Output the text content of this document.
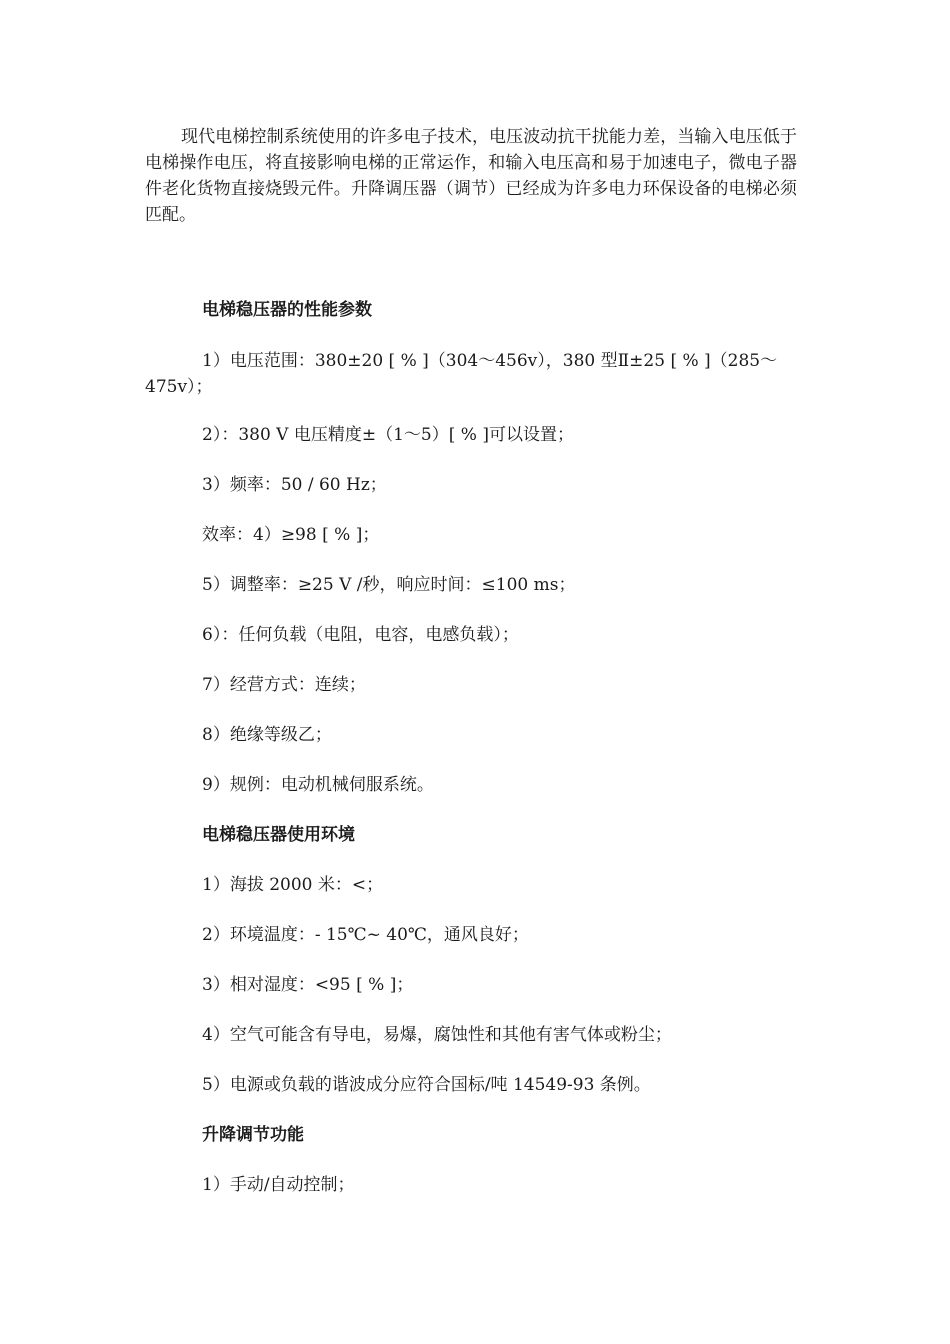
现代电梯控制系统使用的许多电子技术，电压波动抗干扰能力差，当输入电压低于电梯操作电压，将直接影响电梯的正常运作，和输入电压高和易于加速电子，微电子器件老化货物直接烧毁元件。升降调压器（调节）已经成为许多电力环保设备的电梯必须匹配。

电梯稳压器的性能参数

1）电压范围：380±20 [ % ]（304～456v），380 型Ⅱ±25 [ % ]（285～475v）；

2）：380 V 电压精度±（1～5）[ % ]可以设置；
3）频率：50 / 60 Hz；
效率：4）≥98 [ % ]；
5）调整率：≥25 V /秒，响应时间：≤100 ms；
6）：任何负载（电阻，电容，电感负载）；
7）经营方式：连续；
8）绝缘等级乙；
9）规例：电动机械伺服系统。
电梯稳压器使用环境
1）海拔 2000 米：<；
2）环境温度：- 15℃~ 40℃，通风良好；
3）相对湿度：<95 [ % ]；
4）空气可能含有导电，易爆，腐蚀性和其他有害气体或粉尘；
5）电源或负载的谐波成分应符合国标/吨 14549-93 条例。
升降调节功能
1）手动/自动控制；
